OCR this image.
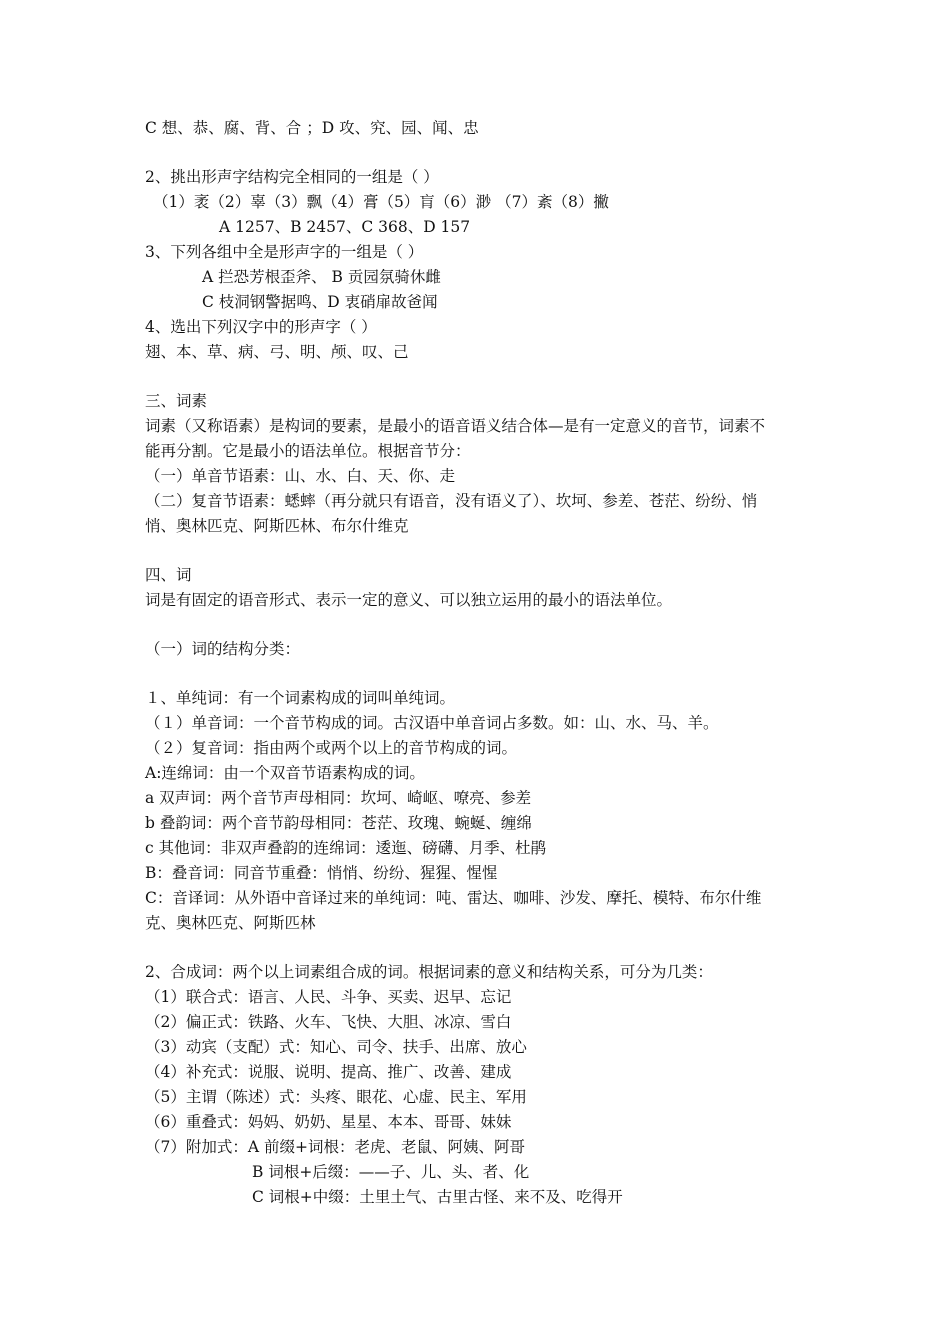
C 想、恭、腐、背、合 ；D 攻、究、园、闻、忠
2、挑出形声字结构完全相同的一组是（ ）
（1）袤（2）辜（3）飘（4）膏（5）肓（6）渺 （7）紊（8）撇
A 1257、B 2457、C 368、D 157
3、下列各组中全是形声字的一组是（ ）
A 拦恐芳根歪斧、 B 贡园氛骑休雌
C 枝洞钢警据鸣、D 衷硝扉故爸闻
4、选出下列汉字中的形声字（ ）
翅、本、草、病、弓、明、颅、叹、己
三、词素
词素（又称语素）是构词的要素，是最小的语音语义结合体—是有一定意义的音节，词素不
能再分割。它是最小的语法单位。根据音节分：
（一）单音节语素：山、水、白、天、你、走
（二）复音节语素：蟋蟀（再分就只有语音，没有语义了）、坎坷、参差、苍茫、纷纷、悄
悄、奥林匹克、阿斯匹林、布尔什维克
四、词
词是有固定的语音形式、表示一定的意义、可以独立运用的最小的语法单位。
（一）词的结构分类：
１、单纯词：有一个词素构成的词叫单纯词。
（１）单音词：一个音节构成的词。古汉语中单音词占多数。如：山、水、马、羊。
（２）复音词：指由两个或两个以上的音节构成的词。
A:连绵词：由一个双音节语素构成的词。
a 双声词：两个音节声母相同：坎坷、崎岖、嘹亮、参差
b 叠韵词：两个音节韵母相同：苍茫、玫瑰、蜿蜒、缠绵
c 其他词：非双声叠韵的连绵词：逶迤、磅礴、月季、杜鹃
B：叠音词：同音节重叠：悄悄、纷纷、猩猩、惺惺
C：音译词：从外语中音译过来的单纯词：吨、雷达、咖啡、沙发、摩托、模特、布尔什维
克、奥林匹克、阿斯匹林
2、合成词：两个以上词素组合成的词。根据词素的意义和结构关系，可分为几类：
（1）联合式：语言、人民、斗争、买卖、迟早、忘记
（2）偏正式：铁路、火车、飞快、大胆、冰凉、雪白
（3）动宾（支配）式：知心、司令、扶手、出席、放心
（4）补充式：说服、说明、提高、推广、改善、建成
（5）主谓（陈述）式：头疼、眼花、心虚、民主、军用
（6）重叠式：妈妈、奶奶、星星、本本、哥哥、妹妹
（7）附加式：A 前缀+词根：老虎、老鼠、阿姨、阿哥
B 词根+后缀：——子、儿、头、者、化
C 词根+中缀：土里土气、古里古怪、来不及、吃得开
